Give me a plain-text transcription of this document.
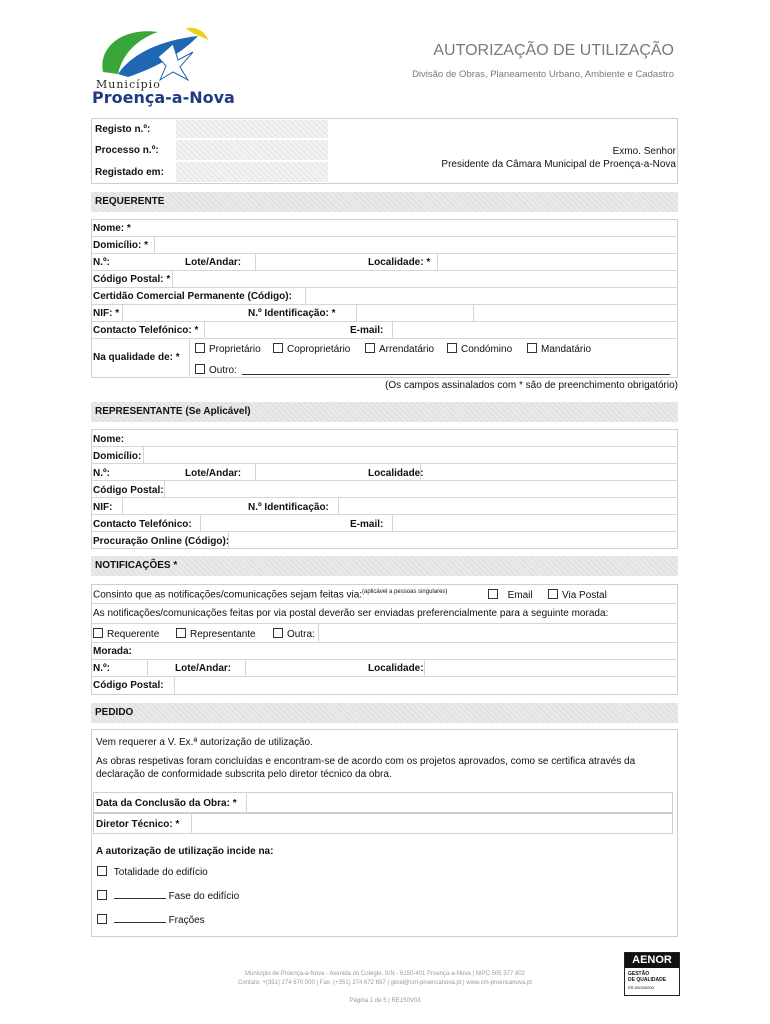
Município
Proença-a-Nova
AUTORIZAÇÃO DE UTILIZAÇÃO
Divisão de Obras, Planeamento Urbano, Ambiente e Cadastro
Registo n.º:
Processo n.º:
Registado em:
Exmo. Senhor
Presidente da Câmara Municipal de Proença-a-Nova
REQUERENTE
Nome: *
Domicílio: *
N.º:	Lote/Andar:	Localidade: *
Código Postal: *
Certidão Comercial Permanente (Código):
NIF: *	N.º Identificação: *
Contacto Telefónico: *	E-mail:
Na qualidade de: *
Proprietário	Coproprietário	Arrendatário	Condómino	Mandatário
Outro:
(Os campos assinalados com * são de preenchimento obrigatório)
REPRESENTANTE (Se Aplicável)
Nome:
Domicílio:
N.º:	Lote/Andar:	Localidade:
Código Postal:
NIF:	N.º Identificação:
Contacto Telefónico:	E-mail:
Procuração Online (Código):
NOTIFICAÇÕES *
Consinto que as notificações/comunicações sejam feitas via:$^{(aplicável a pessoas singulares)}$	Email	Via Postal
As notificações/comunicações feitas por via postal deverão ser enviadas preferencialmente para a seguinte morada:
Requerente	Representante	Outra:
Morada:
N.º:	Lote/Andar:	Localidade:
Código Postal:
PEDIDO
Vem requerer a V. Ex.ª autorização de utilização.
As obras respetivas foram concluídas e encontram-se de acordo com os projetos aprovados, como se certifica através da
declaração de conformidade subscrita pelo diretor técnico da obra.
Data da Conclusão da Obra: *
Diretor Técnico: *
A autorização de utilização incide na:
Totalidade do edifício
Fase do edifício
Frações
Município de Proença-a-Nova - Avenida do Colégio, S/N - 6150-401 Proença-a-Nova | NIPC 505 377 802
Contato: +(351) 274 670 000 | Fax: (+351) 274 672 697 | geral@cm-proencanova.pt | www.cm-proencanova.pt
Página 1 de 5 | RE150V03
AENOR
GESTÃO
DE QUALIDADE
ER-0000/0000
